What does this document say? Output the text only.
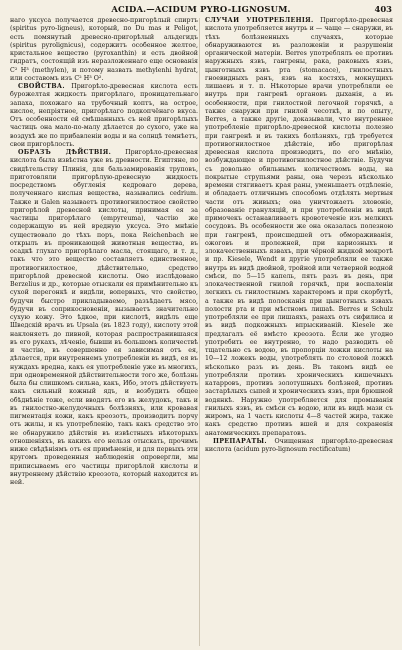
ACIDA.—ACIDUM PYRO-LIGNOSUM.	403

наго уксуса получается древесно-пригорѣлый спиртъ (spiritus pyro-ligneus), который, по Du mas и Peligot, есть помянутый древесно-пригорѣлый альдегидъ (spiritus pyrolignicus), содержитъ особенное желтое, кристальное вещество (pyroxanthin) и есть двойной гидратъ, состоящій изъ неразложеннаго еще основанія C² H³ (methylen), и потому назвать methylenhi hydrat, или составомъ изъ C² H³ O².

СВОЙСТВА. Пригорѣло-древесная кислота есть бурожелтая жидкость пригорѣлаго, проницательнаго запаха, похожаго на трубочный коптъ, на острое, кислое, непріятное, пригорѣлаго подкопчёнаго вкуса. Отъ особенности ей смѣшанныхъ съ ней пригорѣлыхъ частицъ она мало-по-малу дѣлается до сухого, уже на воздухѣ же по прибавленіи воды и на солнцѣ темнѣетъ, свои пригорѣлость.

ОБРАЗЪ ДѢЙСТВІЯ. Пригорѣло-древесная кислота была извѣстна уже въ древности. Египтяне, по свидѣтельству Плинія, для бальзамированія труповъ, приготовляли пригорѣлую-древесную жидкость посредствомъ обугленія кедроваго дерева, полученнаго кислыя вещества, назывались cedrium. Также и Galen называетъ противогнилостное свойство пригорѣлой древесной кислоты, принимая ея за частицы пригорѣлаго (empyreuma), частію же содержащую въ ней вредную уксуса. Это мнѣніе существовало до тѣхъ поръ, пока Reichenbach не открылъ въ проникающей животныя вещества, въ осадкѣ глухаго пригорѣлаго масла, стоящаго, и т. д., такъ что это вещество составляетъ единственное, противогнилостное, дѣйствительно, средство пригорѣлой древесной кислоты. Оно изслѣдовано Berzelius и др., которые отыскали ея примѣнительно къ сухой перегонкѣ и видѣли, вопервыхъ, что свойство, будучи быстро прикладываемо, разъѣдаетъ мясо, будучи въ соприкосновеніи, вызываетъ значительно сухую кожу. Это ѣдкое, при кислотѣ, видѣлъ еще Шведскій врачъ въ Upsala (въ 1823 году), кислоту этой наклоняетъ до пивной, которая распространившаяся въ его рукахъ, лѣченіе, бывши въ большомъ количествѣ и частію, въ совершенно ея зависимая отъ ея, дѣлается, при внутреннемъ употребленіи въ видѣ, ея въ нуждахъ вредна, какъ ея употребленіе уже въ многихъ, при одновременной дѣйствительности того же, болѣзнь была бы слишкомъ сильна, какъ, Ибо, этотъ дѣйствуетъ какъ сильный кожный ядъ, и возбудить общее обѣднѣніе тоже, если вводятъ его въ желудокъ, такъ и въ гнилостно-желудочныхъ болѣзняхъ, или кровавая пигментація кожи, какъ креозотъ, производитъ порчу отъ жилы, и къ употребленію, такъ какъ средство это не обнаружило дѣйствія въ извѣстныхъ нѣкоторыхъ отношеніяхъ, въ какихъ его нельзя отыскать, прочимъ ниже свѣдѣніямъ отъ ея примѣненія, и для первыхъ эти кругомъ проведенныя наблюденія опровергли, мы приписываемъ его частицы пригорѣлой кислоты и внутреннему дѣйствію креозота, который находится въ ней.

СЛУЧАИ УПОТРЕБЛЕНІЯ. Пригорѣло-древесная кислота употребляется внутрь и — чаще — снаружи, въ тѣхъ болѣзненныхъ случаяхъ, которые обнаруживаются въ разложеніи и разрушеніи органической матеріи. Berres употреблялъ ее противъ наружныхъ язвъ, гангрены, рака, раковыхъ язвъ, цынготныхъ язвъ рта (stomacace), гнилостныхъ гноевидныхъ ранъ, язвъ на костяхъ, мокнущихъ лишаевъ и т. п. Нѣкоторые врачи употребляли ее внутрь при гангренѣ органовъ дыханія, а въ особенности, при гнилостной легочной горячкѣ, а также снаружи при гнилой чесоткѣ, и по опыту, Berres, а также другіе, доказывали, что внутреннее употребленіе пригорѣло-древесной кислоты полезно при гангренѣ и въ такихъ болѣзняхъ, гдѣ требуется противогнилостное дѣйствіе, ибо пригорѣлая древесная кислота производитъ, по его мнѣнію, возбуждающее и противогнилостное дѣйствіе. Будучи съ довольно обильнымъ количествомъ воды, на покрытые струпьями раны, она черезъ нѣсколько времени стягиваетъ края раны, уменьшаетъ отдѣленіе, и обладаетъ отличнымъ способомъ отдѣлять мертвыя части отъ живыхъ; она уничтожаетъ зловоніе, образованіе грануляцій, и при употребленіи въ видѣ примочекъ останавливаетъ кровотеченіе изъ мелкихъ сосудовъ. Въ особенности же она оказалась полезною при гангренѣ, происшедшей отъ обмораживанія, ожоговъ и пролежней, при кариозныхъ и злокачественныхъ язвахъ, при чёрной жидкой мокротѣ и пр. Kiesele, Wendt и другіе употребляли ее также внутрь въ видѣ двойной, тройной или четверной водной смѣси, по 5—15 капель, пять разъ въ день, при злокачественной гнилой горячкѣ, при воспаленіи легкихъ съ гнилостнымъ характеромъ и при скорбутѣ, а также въ видѣ полосканія при цынготныхъ язвахъ полости рта и при мѣстномъ лишаѣ. Berres и Schulz употребляли ее при лишаяхъ, ранахъ отъ сифилиса и въ видѣ подкожныхъ впрыскиваній. Kiesele же предлагалъ её вмѣсто креозота. Ёсли же угодно употребить ее внутренно, то надо разводить её тщательно съ водою, въ пропорціи ложки кислоты на 10—12 ложекъ воды, употреблять по столовой ложкѣ нѣсколько разъ въ день. Въ такомъ видѣ ее употребляли противъ хроническихъ кишечныхъ катарровъ, противъ золотушныхъ болѣзней, противъ застарѣлыхъ сыпей и хроническихъ язвъ, при брюшной водянкѣ. Наружно употребляется для промыванія гнилыхъ язвъ, въ смѣси съ водою, или въ видѣ мази съ жиромъ, на 1 часть кислоты 4—8 частей жира, также какъ средство противъ вшей и для сохраненія анатомическихъ препаратовъ.

ПРЕПАРАТЫ. Очищенная пригорѣло-древесная кислота (acidum pyro-lignosum rectificatum)
